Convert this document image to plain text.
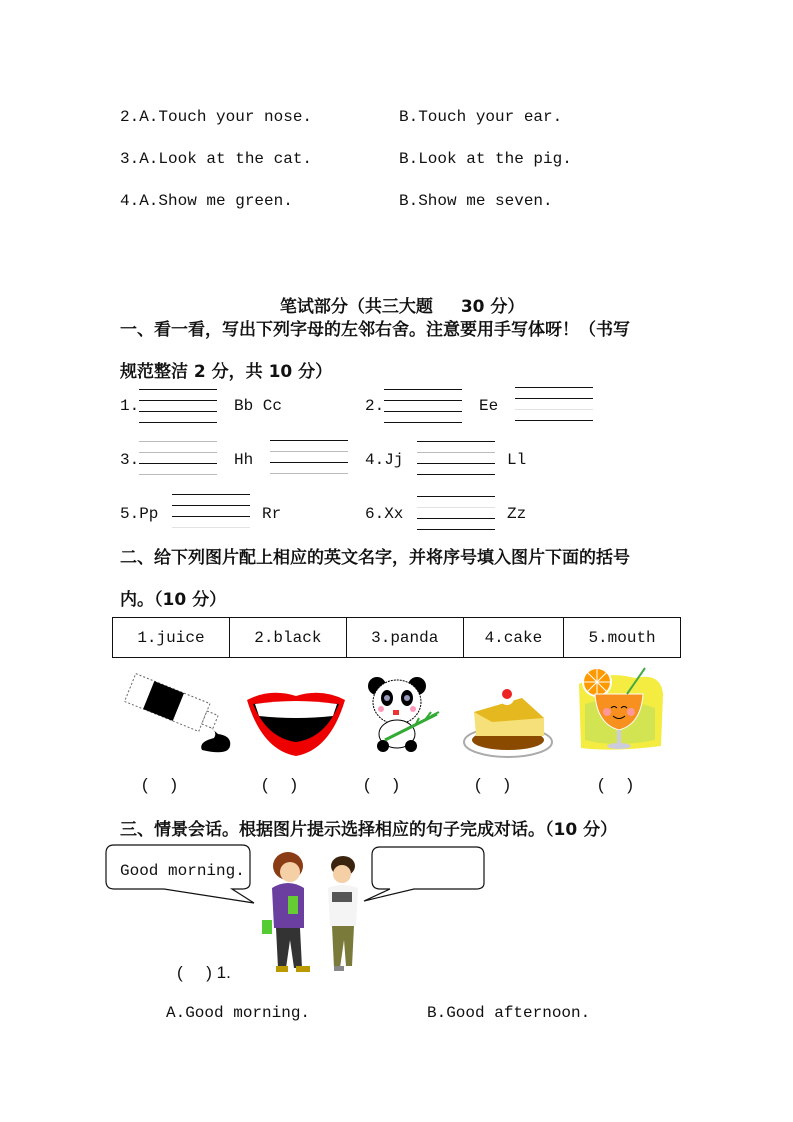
2.A.Touch your nose.	B.Touch your ear.
3.A.Look at the cat.	B.Look at the pig.
4.A.Show me green.	B.Show me seven.

笔试部分（共三大题 30 分）

一、看一看，写出下列字母的左邻右舍。注意要用手写体呀！（书写
规范整洁 2 分，共 10 分）
1.	Bb Cc	2.	Ee
3.	Hh	4.Jj	Ll
5.Pp	Rr	6.Xx	Zz
二、给下列图片配上相应的英文名字，并将序号填入图片下面的括号
内。（10 分）
1.juice	2.black	3.panda	4.cake	5.mouth
(     )	(     )	(     )	(     )	(     )
三、情景会话。根据图片提示选择相应的句子完成对话。（10 分）
Good morning.
(     ) 1.
A.Good morning.	B.Good afternoon.
